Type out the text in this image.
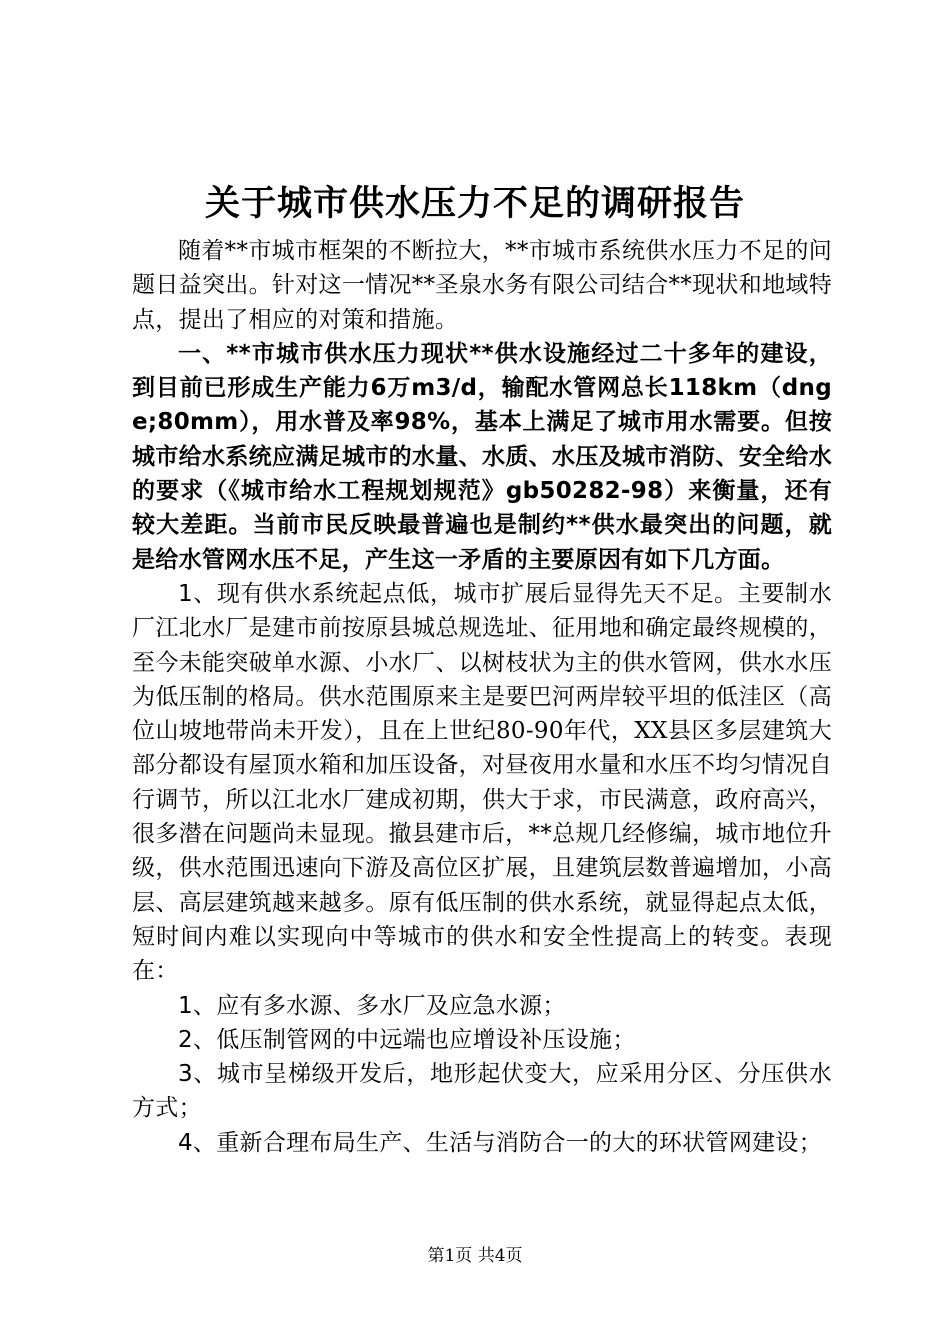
关于城市供水压力不足的调研报告

随着**市城市框架的不断拉大，**市城市系统供水压力不足的问题日益突出。针对这一情况**圣泉水务有限公司结合**现状和地域特点，提出了相应的对策和措施。

一、**市城市供水压力现状**供水设施经过二十多年的建设，到目前已形成生产能力6万m3/d，输配水管网总长118km（dnge;80mm），用水普及率98%，基本上满足了城市用水需要。但按城市给水系统应满足城市的水量、水质、水压及城市消防、安全给水的要求（《城市给水工程规划规范》gb50282-98）来衡量，还有较大差距。当前市民反映最普遍也是制约**供水最突出的问题，就是给水管网水压不足，产生这一矛盾的主要原因有如下几方面。

1、现有供水系统起点低，城市扩展后显得先天不足。主要制水厂江北水厂是建市前按原县城总规选址、征用地和确定最终规模的，至今未能突破单水源、小水厂、以树枝状为主的供水管网，供水水压为低压制的格局。供水范围原来主是要巴河两岸较平坦的低洼区（高位山坡地带尚未开发），且在上世纪80-90年代，XX县区多层建筑大部分都设有屋顶水箱和加压设备，对昼夜用水量和水压不均匀情况自行调节，所以江北水厂建成初期，供大于求，市民满意，政府高兴，很多潜在问题尚未显现。撤县建市后，**总规几经修编，城市地位升级，供水范围迅速向下游及高位区扩展，且建筑层数普遍增加，小高层、高层建筑越来越多。原有低压制的供水系统，就显得起点太低，短时间内难以实现向中等城市的供水和安全性提高上的转变。表现在：

1、应有多水源、多水厂及应急水源；

2、低压制管网的中远端也应增设补压设施；

3、城市呈梯级开发后，地形起伏变大，应采用分区、分压供水方式；

4、重新合理布局生产、生活与消防合一的大的环状管网建设；

第1页 共4页
